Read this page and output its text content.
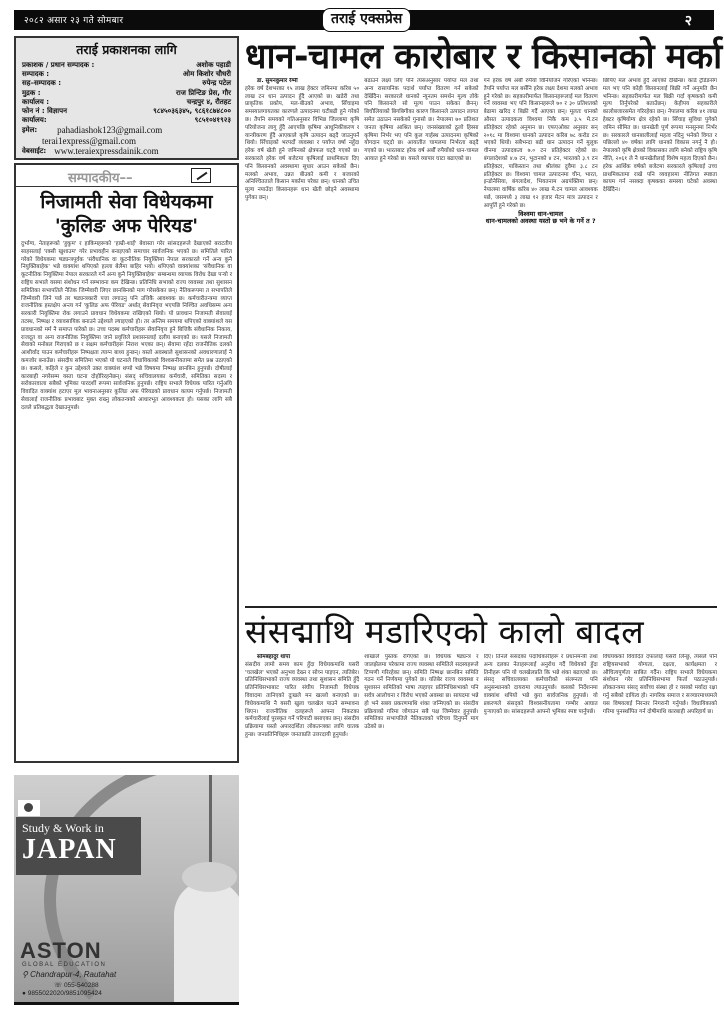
२०८२ असार २३ गते सोमबार	तराई एक्सप्रेस	२
तराई प्रकाशनका लागि
प्रकाशक / प्रधान सम्पादक :	अशोक पहाडी
सम्पादक :	ओम किशोर चौधरी
सह–सम्पादक :	रुपेन्द्र पटेल
मुद्रक :	राज प्रिन्टिङ प्रेस, गौर
कार्यालय :	चन्द्रपुर ४, रौतहट
फोन नं : विज्ञापन	९८४५०३६३४५, ९८६१८७४८००
कार्यालय:	९८५१०४१९२३
इमेल:	pahadiashok123@gmail.com
terai1express@gmail.com
वेबसाईट: www.teraiexpressdainik.com
सम्पादकीय––
निजामती सेवा विधेयकमा
'कुलिङ अफ पेरियड'
दुर्भाग्य, नेताहरूको 'हुकुम' र हाकिमहरूको 'हाम्री-शाईं' बेवास्ता गरेर सांसदहरूले देखाएको बराटतीय साहसलाई 'रक्सी खुशाउम' गरेर प्रभावहीन बनाइएको समाचार सार्वजनिक भएको छ। समितिले पारित गरेको विधेयकमा षड्यन्त्रपूर्वक 'संवैधानिक वा कूटनीतिक नियुक्तिमा नेपाल सरकारले गर्ने अन्य कुनै नियुक्तिबाहेक' भन्ने वाक्यांश थपिएको हल्ला बेलैमा बाहिर भयो। थपिएको वाक्यांशका 'संवैधानिक वा कूटनीतिक नियुक्तिमा नेपाल सरकारले गर्ने अन्य कुनै नियुक्तिबाहेक' सम्बन्धमा व्यापक विरोध देखा पर्‍यो र राष्ट्रिय सभाले यसमा संशोधन गर्ने सम्भावना कम देखिन्छ। प्रतिनिधि सभाको राज्य व्यवस्था तथा सुशासन समितिका सभापतिले नैतिक जिम्मेवारी लिएर छानबिनको माग गरेसकेका छन्। नैतिकरूपमा त सभापतिले जिम्मेवारी लिने पर्छ तर षड्यन्त्रकारी पत्ता लगाउनु पनि उत्तिकै आवश्यक छ। कर्मचारीतन्त्रमा व्याप्त राजनीतिक हस्तक्षेप अन्त्य गर्न 'कुलिङ अफ पेरियड' अर्थात् सेवानिवृत्त भएपछि निश्चित अवधिसम्म अन्य सरकारी नियुक्तिमा रोक लगाउने प्रावधान विधेयकमा राखिएको थियो। यो प्रावधान निजामती सेवालाई तटस्थ, निष्पक्ष र व्यावसायिक बनाउने उद्देश्यले ल्याइएको हो। तर अन्तिम समयमा थपिएको वाक्यांशले यस प्रावधानको मर्म नै समाप्त पारेको छ। उच्च पदस्थ कर्मचारीहरू सेवानिवृत्त हुने बित्तिकै संवैधानिक निकाय, राजदूत वा अन्य राजनीतिक नियुक्तिमा जाने प्रवृत्तिले प्रशासनलाई दलीय बनाएको छ। यसले निजामती सेवाको मनोबल गिराएको छ र सक्षम कर्मचारीहरू निराश भएका छन्। सेवामा रहँदा राजनीतिक दलको आशीर्वाद पाउन कर्मचारीहरू निष्पक्षता त्याग्न बाध्य हुन्छन्। यस्तो अवस्थाले सुशासनको अवधारणालाई नै कमजोर बनाउँछ। संसदीय समितिमा भएको यो घटनाले विधायिकाको विश्वसनीयतामा समेत प्रश्न उठाएको छ। कसले, कहिले र कुन उद्देश्यले उक्त वाक्यांश थप्यो भन्ने विषयमा निष्पक्ष छानबिन हुनुपर्छ। दोषीलाई कारबाही नगरेसम्म यस्ता घटना दोहोरिरहनेछन्। संसद् सचिवालयका कर्मचारी, समितिका सदस्य र सरोकारवाला सबैको भूमिका पारदर्शी रूपमा सार्वजनिक हुनुपर्छ। राष्ट्रिय सभाले विधेयक पारित गर्नुअघि विवादित वाक्यांश हटाएर मूल भावनाअनुसार कुलिङ अफ पेरियडको प्रावधान कायम गर्नुपर्छ। निजामती सेवालाई राजनीतिक प्रभावबाट मुक्त राख्नु लोकतन्त्रको आधारभूत आवश्यकता हो। यसका लागि सबै दलले प्रतिबद्धता देखाउनुपर्छ।
Study & Work in
JAPAN
ASTON
GLOBAL EDUCATION
⚲ Chandrapur-4, Rautahat
☏ 055-540288
● 9855022020/9851095424
धान-चामल कारोबार र किसानको मर्का
डा. सुमनकुमार रेग्मी
हरेक वर्ष देशभरका १५ लाख हेक्टर जमिनमा करिब ५० लाख टन धान उत्पादन हुँदै आएको छ। खडेरी तथा प्राकृतिक प्रकोप, मल-बीउको अभाव, सिँचाइमा समस्यालगायतका कारणले उत्पादनमा घटीबढी हुने गरेको छ। तैपनि समयको गतिअनुसार विभिन्न जिल्लामा कृषि परियोजना लागु हुँदै आएपछि कृषिमा आधुनिकीकरण र यान्त्रीकरण हुँदै आएकाले कृषि उत्पादन बढ्दै जाउनुपर्ने थियो। सिँचाइको भरपर्दो व्यवस्था र पर्याप्त वर्षा नहुँदा हरेक वर्ष खेती हुने जमिनको क्षेत्रफल घट्दै गएको छ। सरकारले हरेक वर्ष बजेटमा कृषिलाई प्राथमिकता दिए पनि किसानको अवस्थामा सुधार आउन सकेको छैन। मलको अभाव, उन्नत बीउको कमी र बजारको अनिश्चितताले किसान मर्कामा परेका छन्। धानको उचित मूल्य नपाउँदा किसानहरू धान खेती छोड्ने अवस्थामा पुगेका छन्।
बढाउने लक्ष्य लिए पनि त्यसअनुसार पर्याप्त मल तथा अन्य रासायनिक पदार्थ पर्याप्त वितरण गर्न सकेको देखिँदैन। सरकारले धानको न्यूनतम समर्थन मूल्य तोके पनि किसानले सो मूल्य पाउन सकेका छैनन्। बिचौलियाको बिगबिगीका कारण किसानले उत्पादन लागत समेत उठाउन नसकेको गुनासो छ। नेपालमा ७० प्रतिशत जनता कृषिमा आश्रित छन्। जनसंख्याको ठूलो हिस्सा कृषिमा निर्भर भए पनि कुल गार्हस्थ उत्पादनमा कृषिको योगदान घट्दो छ। आयातीत चामलमा निर्भरता बढ्दै गएको छ। भारतबाट हरेक वर्ष अर्बौं रुपैयाँको धान-चामल आयात हुने गरेको छ। यसले व्यापार घाटा बढाएको छ।
गर्ने हरेक वर्ष अर्बौं रुपैयाँ विनियोजन गरिएको भनिन्छ। तैपनि पर्याप्त मल बर्सेनि हरेक लक्ष्य देशमा मलको अभाव हुने गरेको छ। सहकारीमार्फत किसानहरूलाई मल वितरण गर्ने व्यवस्था भए पनि किसानहरूले ७० र ३० प्रतिशतको बेढामा खरिद र बिक्री गर्दै आएका छन्। मूलतः धानको औसत उत्पादकत्व विश्वमा निकै कम ३.५ मे.टन प्रतिहेक्टर रहेको अनुमान छ। एफएओका अनुसार सन् २०१८ मा विश्वमा धानको उत्पादन करिब ७८ करोड टन भएको थियो। सबैभन्दा बढी धान उत्पादन गर्ने मुलुक चीनमा उत्पादकत्व ७.० टन प्रतिहेक्टर रहेको छ। बंगलादेशको ४.७ टन, भुटानको ४ टन, भारतको ३.९ टन प्रतिहेक्टर, पाकिस्तान तथा श्रीलंका दुवैमा ३.८ टन प्रतिहेक्टर छ। विश्वमा चामल उत्पादनमा चीन, भारत, इन्डोनेसिया, बंगलादेश, भियतनाम अग्रपंक्तिमा छन्। नेपालमा वार्षिक करिब ४० लाख मे.टन चामल आवश्यक पर्छ, जसमध्ये ३ लाख १२ हजार मेटन मात्र उत्पादन र आपूर्ति हुने गरेको छ।
विश्वमा धान-चामल
धान-चामलको अवस्था यस्तो छ भने के गर्ने त ?
छिपिए मल अभाव हुँदै आएको देखिन्छ। कार्ड ट्रेडिङसँग मल भए पनि कोही किसानलाई बिक्री गर्ने अनुमति छैन भनिन्छ। सहकारीमार्फत मल बिक्री गर्दा कृषकको कमी मूल्य तिर्नुपरेको बताउँछन्। केहीपय सहकारीले कालोबजारसमेत गरिरहेका छन्। नेपालमा करिब ४१ लाख हेक्टर कृषियोग्य क्षेत्र रहेको छ। सिँचाइ सुविधा पुगेको जमिन सीमित छ। धानखेती पूर्ण रूपमा मनसुनमा निर्भर छ। सरकारले धानबालीलाई महत्व नदिनु भनेको विगत र पछिल्लो ४० वर्षका लागि धानको विकास नगर्नु नै हो। नेपालको कृषि क्षेत्रको विकासका लागि बनेको राष्ट्रिय कृषि नीति, २०६१ ले नै धानखेतीलाई विशेष महत्व दिएको छैन। हरेक आर्थिक वर्षको बजेटमा सरकारले कृषिलाई उच्च प्राथमिकतामा राखे पनि व्यवहारमा नीतिगत स्पष्टता कायम गर्न नसक्दा कृषकका समस्या घटेको अवस्था देखिँदैन।
संसद्माथि मडारिएको कालो बादल
सोमबहादुर थापा
संसदीय लामो समय काम हुँदा विधेयकमाथि यसरी 'चलखेल' भएको अनुभव देख्न र सोच्न पाइएन, त्यतिबेर। प्रतिनिधिसभाको राज्य व्यवस्था तथा सुशासन समिति हुँदै प्रतिनिधिसभाबाट पारित संघीय निजामती विधेयक विवादमा तानिएको दुःखले मन खल्लो बनाएको छ। विधेयकमाथि नै यसरी खुला चलखेल पाउने सम्भावना थिएन। राजनीतिक दलहरूले आफ्ना निकटका कर्मचारीलाई पुरस्कृत गर्ने परिपाटी बसाएका छन्। संसदीय प्रक्रियामा यस्तो अपारदर्शिता लोकतन्त्रका लागि घातक हुन्छ। जनप्रतिनिधिहरू जनताप्रति उत्तरदायी हुनुपर्छ।
शाखाले पुस्तक रंगिएको छ। विधेयक षड्यन्त्र र जालझेलमा परेकामा राज्य व्यवस्था समितिले सदस्यहरूले टिप्पणी गरिरहेका छन्। समिति निष्पक्ष छानबिन समिति गठन गर्ने निर्णयमा पुगेको छ। यतिबेर राज्य व्यवस्था र सुशासन समितिको भाषा त्यहाएर प्रतिनिधिसभाको पनि सर्वत्र आलोचना र विरोध भएको अवस्था छ। सायदमा भन्ने हो भने सबय प्रकरणमाथि शंका जन्मिएको छ। संसदीय प्रक्रियाको गरिमा जोगाउन सबै पक्ष जिम्मेवार हुनुपर्छ। समितिका सभापतिले नैतिकताको परिचय दिनुपर्ने माग उठेको छ।
दिए। तिनले संसदका पदाधिकारीहरू र प्रधानमन्त्री तथा अन्य दलका नेताहरूलाई अनुरोध गर्दै विधेयको हुँदा तिनीहरू पनि यो चलखेलप्रति कि भन्ने शंका बढाएको छ। संसद् सचिवालयका कर्मचारीको संलग्नता पनि अनुसन्धानको दायरामा ल्याउनुपर्छ। कसको निर्देशनमा वाक्यांश थपियो भन्ने कुरा सार्वजनिक हुनुपर्छ। यो प्रकरणले संसद्को विश्वसनीयतामा गम्भीर आघात पुर्‍याएको छ। सांसदहरूले आफ्नो भूमिका स्पष्ट पार्नुपर्छ।
विधेयकको विवादित दफालाई यसरी लिन्छु, त्यसले पनि राष्ट्रियसभाको योग्यता, दक्षता, कार्यक्षमता र औचित्यपूर्णता साबित गर्दैन। राष्ट्रिय सभाले विधेयकमा संशोधन गरेर प्रतिनिधिसभामा फिर्ता पठाउनुपर्छ। लोकतन्त्रमा संसद् सर्वोच्च संस्था हो र यसको मर्यादा रक्षा गर्नु सबैको दायित्व हो। नागरिक समाज र सञ्चारमाध्यमले यस विषयलाई निरन्तर निगरानी गर्नुपर्छ। विधायिकाको गरिमा पुनर्स्थापित गर्न दोषीमाथि कारबाही अपरिहार्य छ।
